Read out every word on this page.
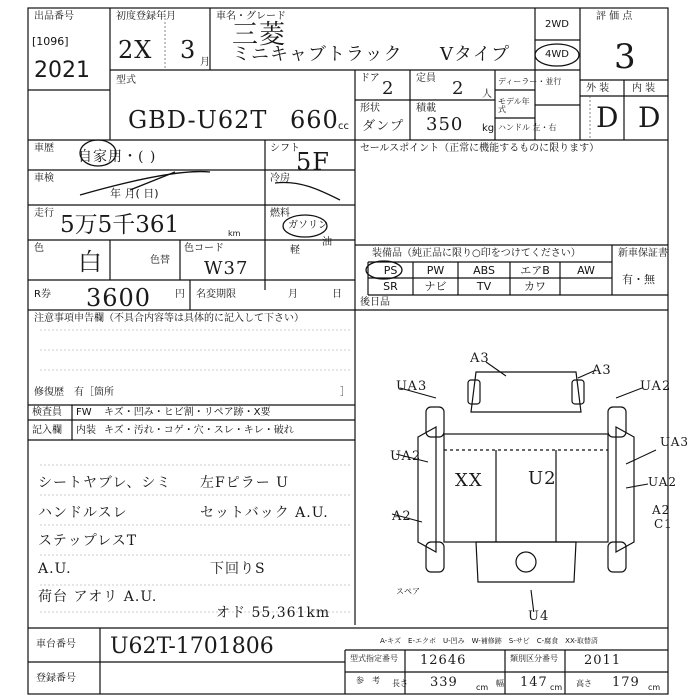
出品番号
[1096]
2021
初度登録年月
2X 3 月
車名・グレード
三菱
ミニキャブトラック Vタイプ
2WD
4WD
評 価 点
3
外 装 内 装
D D
型式
GBD-U62T 660 cc
ドア 2 定員 2 人
形状
ダンプ
積載
350 kg
ディーラー・並行
モデル年式
ハンドル 左・右
車歴
自家用・( )
シフト
5F
車検
年 月( 日)
冷房
走行 5万5千361	km
燃料
ガソリン
軽
油
色 白	色替
色コード
W37
R券 3600 円 名変期限	月	日
セールスポイント（正常に機能するものに限ります）
装備品（純正品に限り○印をつけてください）
PS	PW	ABS	エアB	AW
SR	ナビ	TV	カワ
新車保証書
有・無
後日品
注意事項申告欄（不具合内容等は具体的に記入して下さい）
修復歴　有［箇所	］
検査員
記入欄
FW キズ・凹み・ヒビ割・リペア跡・X要
内装 キズ・汚れ・コゲ・穴・スレ・キレ・破れ
シートヤブレ、シミ
ハンドルスレ
ステップレスT
A.U.
荷台 アオリ A.U.
左Fピラー U
セットバック A.U.
下回りS
オド 55,361km
A3
A3
UA3	UA2
UA2
UA3
A2
UA2
A2
C1
XX	U2
U4
スペア
A-キズ　E-エクボ　U-凹み　W-補修跡　S-サビ　C-腐食　XX-取替済
車台番号 U62T-1701806
登録番号
型式指定番号 12646	類別区分番号 2011
参　考 長さ 339 cm 幅 147 cm 高さ 179 cm
